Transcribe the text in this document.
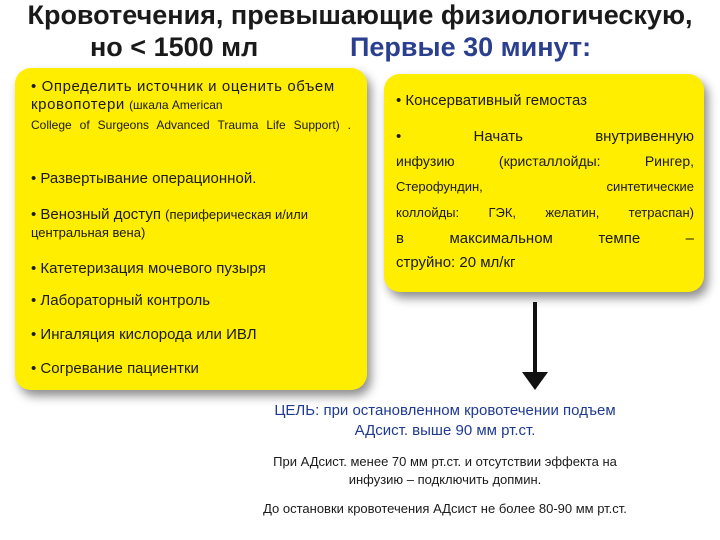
Кровотечения, превышающие физиологическую,
но < 1500 мл	Первые 30 минут:
• Определить источник и оценить объем кровопотери (шкала American
College of Surgeons Advanced Trauma Life Support) .
• Развертывание операционной.
• Венозный доступ (периферическая и/или центральная вена)
• Катетеризация мочевого пузыря
• Лабораторный контроль
• Ингаляция кислорода или ИВЛ
• Согревание пациентки
• Консервативный гемостаз
• Начать внутривенную
инфузию (кристаллойды: Рингер,
Стерофундин, синтетические
коллойды: ГЭК, желатин, тетраспан)
в максимальном темпе –
струйно: 20 мл/кг
ЦЕЛЬ: при остановленном кровотечении подъем
АДсист. выше 90 мм рт.ст.
При АДсист. менее 70 мм рт.ст. и отсутствии эффекта на
инфузию – подключить допмин.
До остановки кровотечения АДсист не более 80-90 мм рт.ст.
